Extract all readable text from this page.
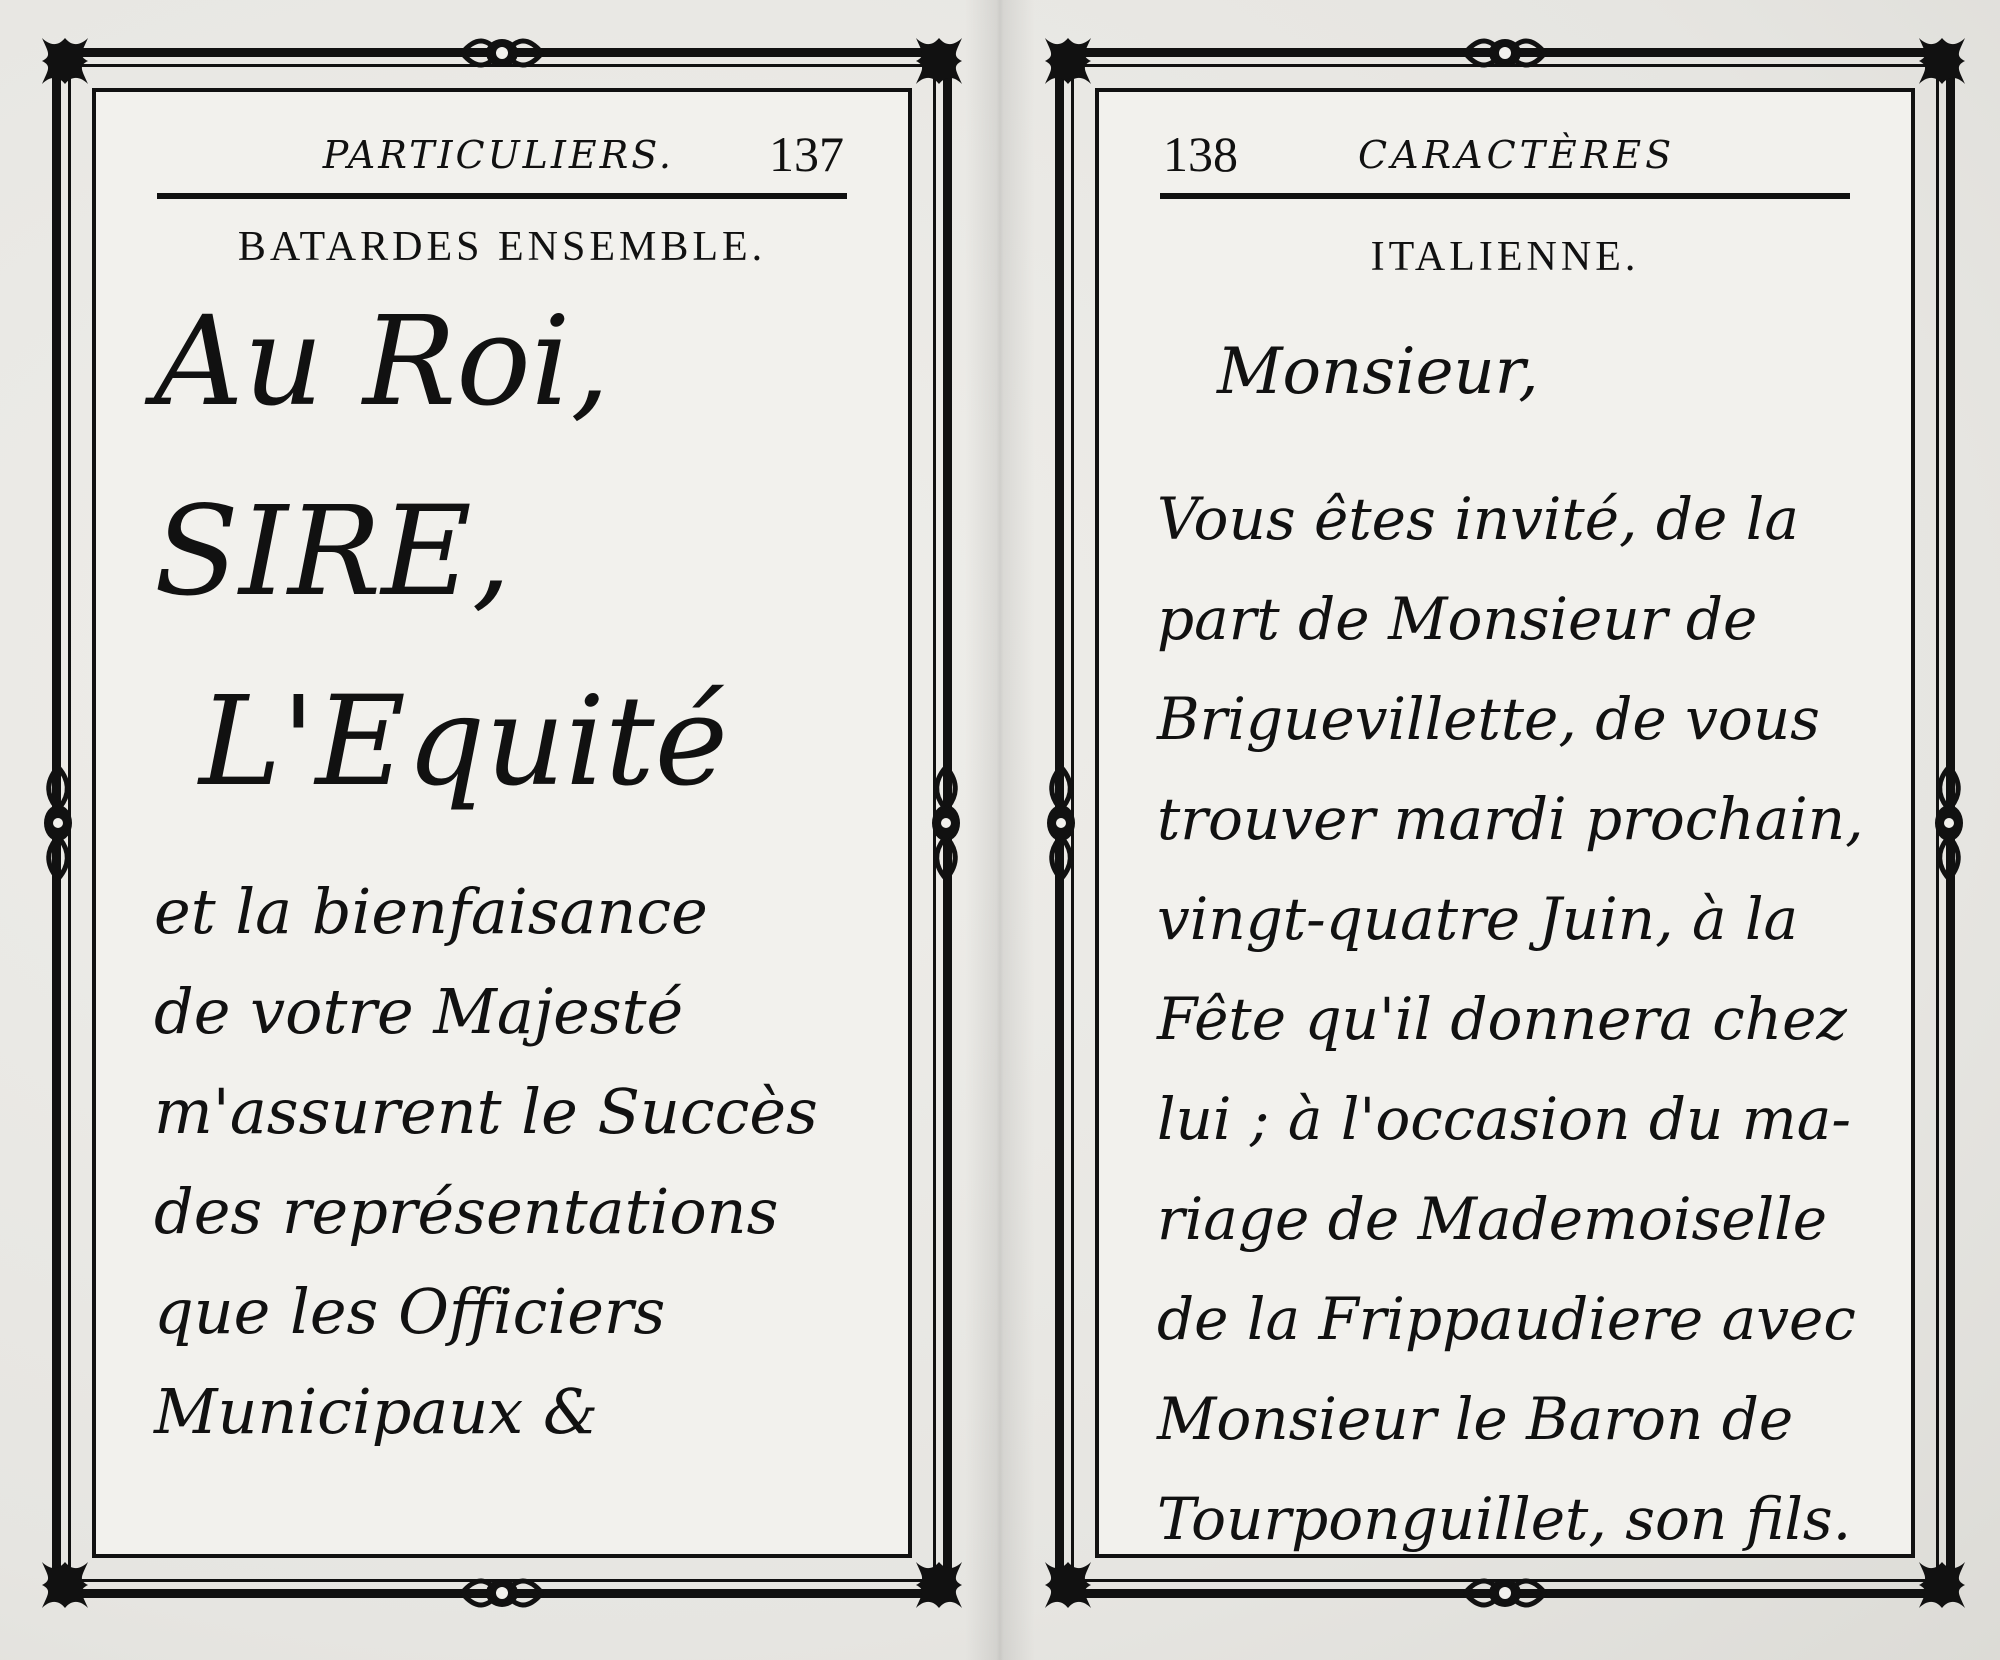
PARTICULIERS. 137
BATARDES ENSEMBLE.
Au Roi,
SIRE,
L'Equité
et la bienfaisance
de votre Majesté
m'assurent le Succès
des représentations
que les Officiers
Municipaux &
138	CARACTÈRES
ITALIENNE.
Monsieur,
Vous êtes invité, de la
part de Monsieur de
Briguevillette, de vous
trouver mardi prochain,
vingt-quatre Juin, à la
Fête qu'il donnera chez
lui ; à l'occasion du ma-
riage de Mademoiselle
de la Frippaudiere avec
Monsieur le Baron de
Tourponguillet, son fils.
